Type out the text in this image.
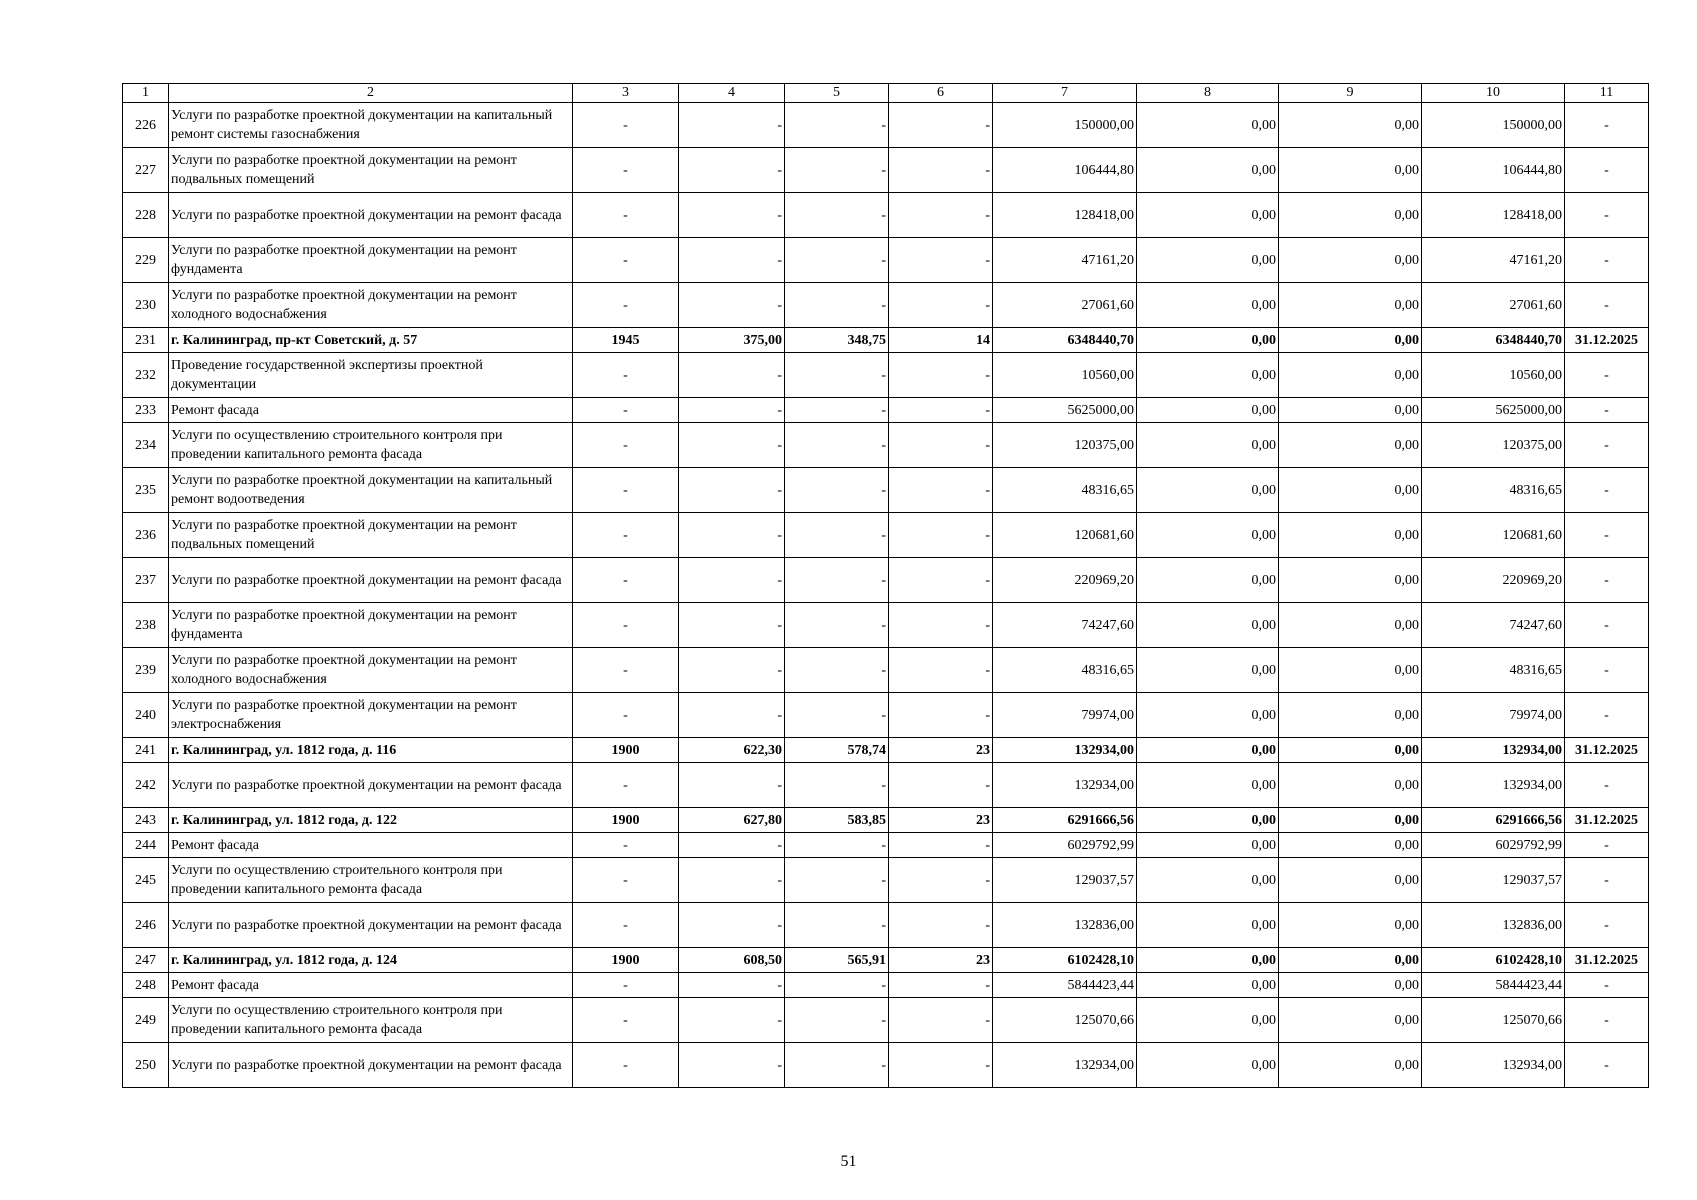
1	2	3	4	5	6	7	8	9	10	11
226	Услуги по разработке проектной документации на капитальный ремонт системы газоснабжения	-	-	-	-	150000,00	0,00	0,00	150000,00	-
227	Услуги по разработке проектной документации на ремонт подвальных помещений	-	-	-	-	106444,80	0,00	0,00	106444,80	-
228	Услуги по разработке проектной документации на ремонт фасада	-	-	-	-	128418,00	0,00	0,00	128418,00	-
229	Услуги по разработке проектной документации на ремонт фундамента	-	-	-	-	47161,20	0,00	0,00	47161,20	-
230	Услуги по разработке проектной документации на ремонт холодного водоснабжения	-	-	-	-	27061,60	0,00	0,00	27061,60	-
231	г. Калининград, пр-кт Советский, д. 57	1945	375,00	348,75	14	6348440,70	0,00	0,00	6348440,70	31.12.2025
232	Проведение государственной экспертизы проектной документации	-	-	-	-	10560,00	0,00	0,00	10560,00	-
233	Ремонт фасада	-	-	-	-	5625000,00	0,00	0,00	5625000,00	-
234	Услуги по осуществлению строительного контроля при проведении капитального ремонта фасада	-	-	-	-	120375,00	0,00	0,00	120375,00	-
235	Услуги по разработке проектной документации на капитальный ремонт водоотведения	-	-	-	-	48316,65	0,00	0,00	48316,65	-
236	Услуги по разработке проектной документации на ремонт подвальных помещений	-	-	-	-	120681,60	0,00	0,00	120681,60	-
237	Услуги по разработке проектной документации на ремонт фасада	-	-	-	-	220969,20	0,00	0,00	220969,20	-
238	Услуги по разработке проектной документации на ремонт фундамента	-	-	-	-	74247,60	0,00	0,00	74247,60	-
239	Услуги по разработке проектной документации на ремонт холодного водоснабжения	-	-	-	-	48316,65	0,00	0,00	48316,65	-
240	Услуги по разработке проектной документации на ремонт электроснабжения	-	-	-	-	79974,00	0,00	0,00	79974,00	-
241	г. Калининград, ул. 1812 года, д. 116	1900	622,30	578,74	23	132934,00	0,00	0,00	132934,00	31.12.2025
242	Услуги по разработке проектной документации на ремонт фасада	-	-	-	-	132934,00	0,00	0,00	132934,00	-
243	г. Калининград, ул. 1812 года, д. 122	1900	627,80	583,85	23	6291666,56	0,00	0,00	6291666,56	31.12.2025
244	Ремонт фасада	-	-	-	-	6029792,99	0,00	0,00	6029792,99	-
245	Услуги по осуществлению строительного контроля при проведении капитального ремонта фасада	-	-	-	-	129037,57	0,00	0,00	129037,57	-
246	Услуги по разработке проектной документации на ремонт фасада	-	-	-	-	132836,00	0,00	0,00	132836,00	-
247	г. Калининград, ул. 1812 года, д. 124	1900	608,50	565,91	23	6102428,10	0,00	0,00	6102428,10	31.12.2025
248	Ремонт фасада	-	-	-	-	5844423,44	0,00	0,00	5844423,44	-
249	Услуги по осуществлению строительного контроля при проведении капитального ремонта фасада	-	-	-	-	125070,66	0,00	0,00	125070,66	-
250	Услуги по разработке проектной документации на ремонт фасада	-	-	-	-	132934,00	0,00	0,00	132934,00	-
51
